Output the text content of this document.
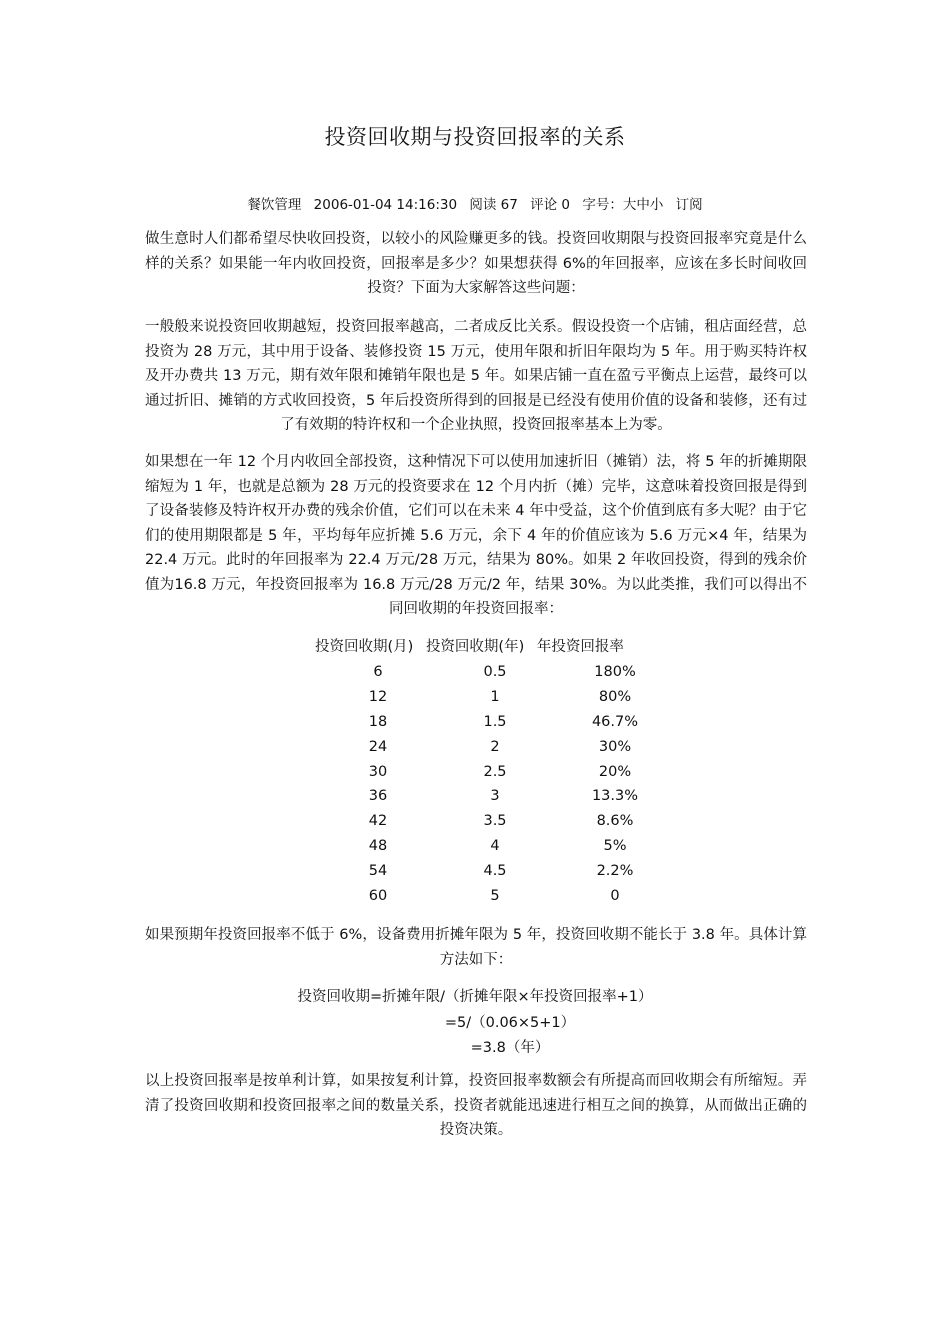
投资回收期与投资回报率的关系
餐饮管理 2006-01-04 14:16:30 阅读 67 评论 0 字号：大中小 订阅

做生意时人们都希望尽快收回投资，以较小的风险赚更多的钱。投资回收期限与投资回报率究竟是什么样的关系？如果能一年内收回投资，回报率是多少？如果想获得 6%的年回报率，应该在多长时间收回投资？下面为大家解答这些问题：

一般般来说投资回收期越短，投资回报率越高，二者成反比关系。假设投资一个店铺，租店面经营，总投资为 28 万元，其中用于设备、装修投资 15 万元，使用年限和折旧年限均为 5 年。用于购买特许权及开办费共 13 万元，期有效年限和摊销年限也是 5 年。如果店铺一直在盈亏平衡点上运营，最终可以通过折旧、摊销的方式收回投资，5 年后投资所得到的回报是已经没有使用价值的设备和装修，还有过了有效期的特许权和一个企业执照，投资回报率基本上为零。

如果想在一年 12 个月内收回全部投资，这种情况下可以使用加速折旧（摊销）法，将 5 年的折摊期限缩短为 1 年，也就是总额为 28 万元的投资要求在 12 个月内折（摊）完毕，这意味着投资回报是得到了设备装修及特许权开办费的残余价值，它们可以在未来 4 年中受益，这个价值到底有多大呢？由于它们的使用期限都是 5 年，平均每年应折摊 5.6 万元，余下 4 年的价值应该为 5.6 万元×4 年，结果为 22.4 万元。此时的年回报率为 22.4 万元/28 万元，结果为 80%。如果 2 年收回投资，得到的残余价值为16.8 万元，年投资回报率为 16.8 万元/28 万元/2 年，结果 30%。为以此类推，我们可以得出不同回收期的年投资回报率：

投资回收期(月) 投资回收期(年) 年投资回报率
6	0.5	180%
12	1	80%
18	1.5	46.7%
24	2	30%
30	2.5	20%
36	3	13.3%
42	3.5	8.6%
48	4	5%
54	4.5	2.2%
60	5	0

如果预期年投资回报率不低于 6%，设备费用折摊年限为 5 年，投资回收期不能长于 3.8 年。具体计算方法如下：

投资回收期=折摊年限/（折摊年限×年投资回报率+1）
=5/（0.06×5+1）
=3.8（年）

以上投资回报率是按单利计算，如果按复利计算，投资回报率数额会有所提高而回收期会有所缩短。弄清了投资回收期和投资回报率之间的数量关系，投资者就能迅速进行相互之间的换算，从而做出正确的投资决策。
